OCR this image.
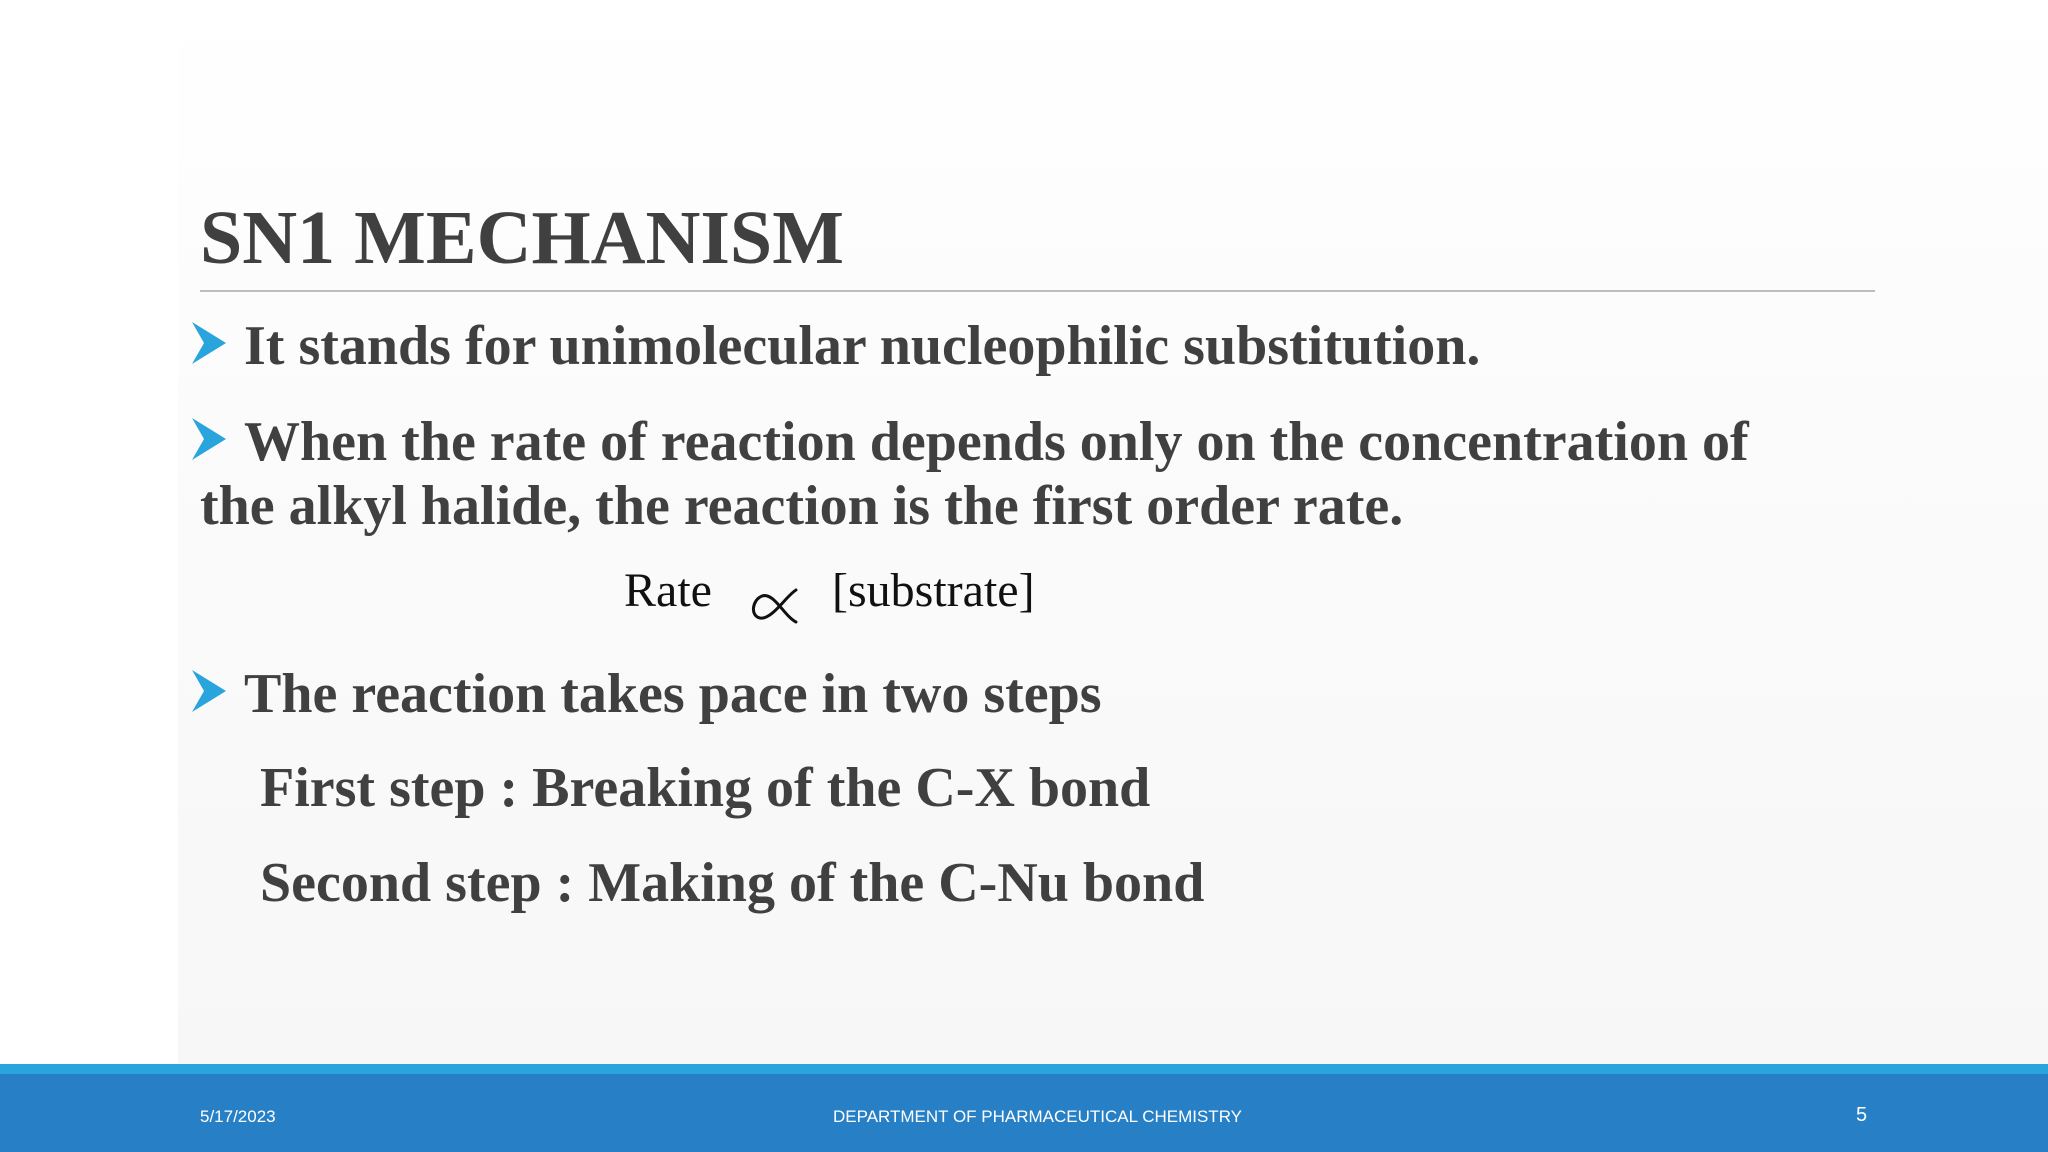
SN1 MECHANISM
It stands for unimolecular nucleophilic substitution.
When the rate of reaction depends only on the concentration of
the alkyl halide, the reaction is the first order rate.
Rate	[substrate]
The reaction takes pace in two steps
First step : Breaking of the C-X bond
Second step : Making of the C-Nu bond
5/17/2023	DEPARTMENT OF PHARMACEUTICAL CHEMISTRY	5
